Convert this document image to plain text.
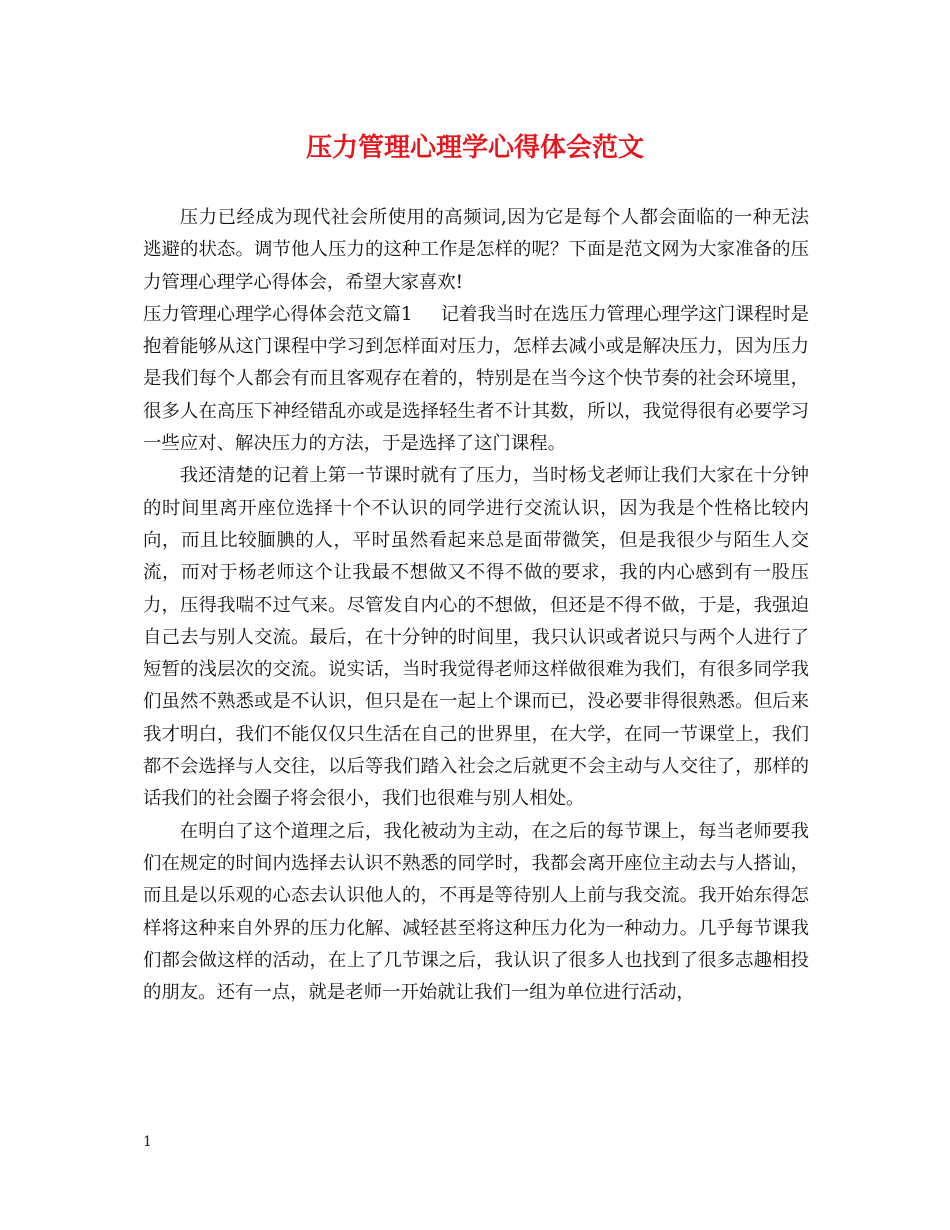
压力管理心理学心得体会范文

压力已经成为现代社会所使用的高频词,因为它是每个人都会面临的一种无法逃避的状态。调节他人压力的这种工作是怎样的呢？下面是范文网为大家准备的压力管理心理学心得体会，希望大家喜欢!

压力管理心理学心得体会范文篇1 记着我当时在选压力管理心理学这门课程时是抱着能够从这门课程中学习到怎样面对压力，怎样去减小或是解决压力，因为压力是我们每个人都会有而且客观存在着的，特别是在当今这个快节奏的社会环境里，很多人在高压下神经错乱亦或是选择轻生者不计其数，所以，我觉得很有必要学习一些应对、解决压力的方法，于是选择了这门课程。

我还清楚的记着上第一节课时就有了压力，当时杨戈老师让我们大家在十分钟的时间里离开座位选择十个不认识的同学进行交流认识，因为我是个性格比较内向，而且比较腼腆的人，平时虽然看起来总是面带微笑，但是我很少与陌生人交流，而对于杨老师这个让我最不想做又不得不做的要求，我的内心感到有一股压力，压得我喘不过气来。尽管发自内心的不想做，但还是不得不做，于是，我强迫自己去与别人交流。最后，在十分钟的时间里，我只认识或者说只与两个人进行了短暂的浅层次的交流。说实话，当时我觉得老师这样做很难为我们，有很多同学我们虽然不熟悉或是不认识，但只是在一起上个课而已，没必要非得很熟悉。但后来我才明白，我们不能仅仅只生活在自己的世界里，在大学，在同一节课堂上，我们都不会选择与人交往，以后等我们踏入社会之后就更不会主动与人交往了，那样的话我们的社会圈子将会很小，我们也很难与别人相处。

在明白了这个道理之后，我化被动为主动，在之后的每节课上，每当老师要我们在规定的时间内选择去认识不熟悉的同学时，我都会离开座位主动去与人搭讪，而且是以乐观的心态去认识他人的，不再是等待别人上前与我交流。我开始东得怎样将这种来自外界的压力化解、减轻甚至将这种压力化为一种动力。几乎每节课我们都会做这样的活动，在上了几节课之后，我认识了很多人也找到了很多志趣相投的朋友。还有一点，就是老师一开始就让我们一组为单位进行活动，

1
